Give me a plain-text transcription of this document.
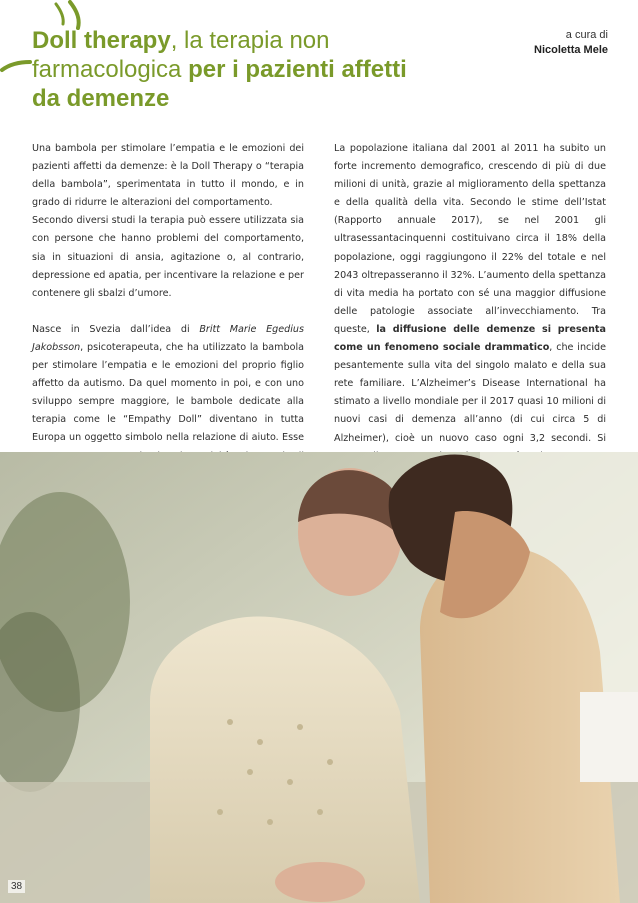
Doll therapy, la terapia non farmacologica per i pazienti affetti da demenze
a cura di
Nicoletta Mele

Una bambola per stimolare l’empatia e le emozioni dei pazienti affetti da demenze: è la Doll Therapy o “terapia della bambola”, sperimentata in tutto il mondo, e in grado di ridurre le alterazioni del comportamento.

Secondo diversi studi la terapia può essere utilizzata sia con persone che hanno problemi del comportamento, sia in situazioni di ansia, agitazione o, al contrario, depressione ed apatia, per incentivare la relazione e per contenere gli sbalzi d’umore.

Nasce in Svezia dall’idea di Britt Marie Egedius Jakobsson, psicoterapeuta, che ha utilizzato la bambola per stimolare l’empatia e le emozioni del proprio figlio affetto da autismo. Da quel momento in poi, e con uno sviluppo sempre maggiore, le bambole dedicate alla terapia come le “Empathy Doll” diventano in tutta Europa un oggetto simbolo nella relazione di aiuto. Esse

La popolazione italiana dal 2001 al 2011 ha subito un forte incremento demografico, crescendo di più di due milioni di unità, grazie al miglioramento della spettanza e della qualità della vita. Secondo le stime dell’Istat (Rapporto annuale 2017), se nel 2001 gli ultrasessantacinquenni costituivano circa il 18% della popolazione, oggi raggiungono il 22% del totale e nel 2043 oltrepasseranno il 32%. L’aumento della spettanza di vita media ha portato con sé una maggior diffusione delle patologie associate all’invecchiamento. Tra queste, la diffusione delle demenze si presenta come un fenomeno sociale drammatico, che incide pesantemente sulla vita del singolo malato e della sua rete familiare. L’Alzheimer’s Disease International ha stimato a livello mondiale per il 2017 quasi 10 milioni di nuovi casi di demenza all’anno (di cui circa 5 di Alzheimer), cioè un nuovo caso ogni 3,2 secondi. Si

38
